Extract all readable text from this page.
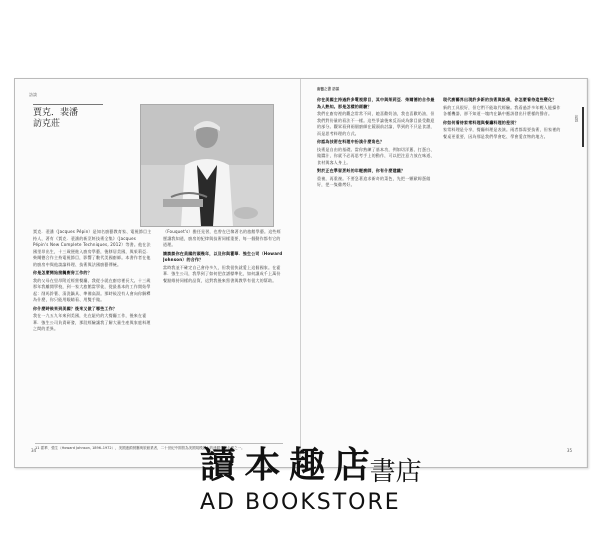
訪談
賈克．裴潘
訪克莊
賈克．裴潘（Jacques Pépin）是知名廚藝教育家、電視節目主持人，著有《賈克．裴潘的新烹飪技術全集》（Jacques Pépin's New Complete Techniques, 2012）等書。他在法國里昂出生，十三歲便進入廚房學藝，後移居美國，與茱莉亞．柴爾德合作主持電視節目，影響了數代美國廚師。本書作者在他的廚房中與他談論料理、技術與法國廚藝傳統。
你是怎麼開始接觸廚房工作的？
我的父母在里昂附近經營餐廳，我從小就在廚房裡長大。十三歲那年我離開學校，到一家大旅館當學徒，從最基本的工作開始學起：削馬鈴薯、清洗鍋具、準備高湯。那時候沒有人會向你解釋為什麼，你只能用眼睛看、用雙手做。
你什麼時候來到美國？後來又做了哪些工作？
我在一九五九年來到美國，先在紐約的大餐廳工作，後來在霍華．強生公司負責研發，那段經驗讓我了解大量生產與家庭料理之間的差異。
（Fouquet's）擔任見習，也曾在巴黎著名的旅館學藝。這些經歷讓我知道，廚房的紀律與技術同樣重要，每一個動作都有它的道理。
請談談你在美國的頭幾年，以及你與霍華．強生公司（Howard Johnson）的合作？
當時我並不確定自己會待多久，但我很快就愛上這個國家。在霍華．強生公司，我學到了如何把食譜標準化，如何讓成千上萬份餐點維持同樣的品質，這對我後來寫書與教學有很大的幫助。
11 霍華．強生（Howard Johnson, 1896–1972），美國連鎖餐廳與旅館業者，二十世紀中期曾為美國規模最大的連鎖餐飲企業之一。
34
廚藝之書 訪談
你在美國主持過許多電視節目，其中與茱莉亞．柴爾德的合作最為人熟知。那是怎樣的經驗？
我們在廚房裡的觀念常常不同，她喜歡奶油，我也喜歡奶油，但我們對份量的看法不一樣。這些爭論後來反而成為節目最受歡迎的部分。觀眾看到兩個廚師在鏡頭前討論，學到的不只是食譜，而是思考料理的方式。
你認為技術在料理中扮演什麼角色？
技術是自由的基礎。當你熟練了基本功，例如切洋蔥、打蛋白、做醬汁，你就不必再思考手上的動作，可以把注意力放在味道、食材與客人身上。
對於正在學習烹飪的年輕廚師，你有什麼建議？
重複，再重複。不要急著追求新奇的菜色，先把一顆歐姆蛋做好，把一隻雞烤好。
現代廚藝界出現許多新的技術與設備，你怎麼看待這些變化？
新的工具很好，但它們不能取代經驗。我看過許多年輕人能操作各種機器，卻不知道一塊肉在鍋中應該發出什麼樣的聲音。
你如何看待家常料理與餐廳料理的差別？
家常料理是分享，餐廳料理是表演。兩者都需要技術，但家裡的餐桌更重要，因為那是我們學會吃、學會愛食物的地方。
訪談
35
讀 本 趣 店 書店
AD BOOKSTORE
